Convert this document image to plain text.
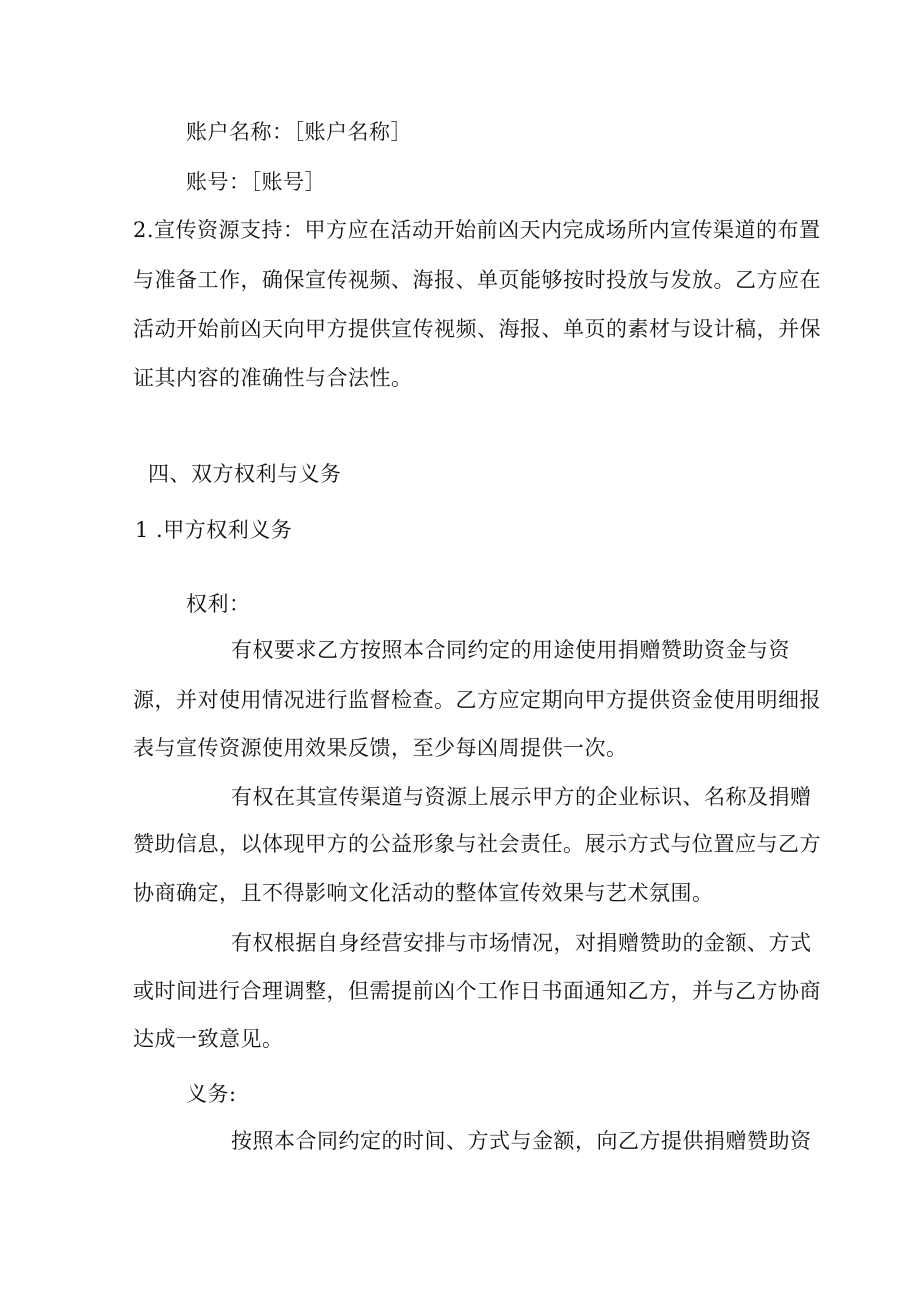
账户名称：［账户名称］
账号：［账号］
2.宣传资源支持：甲方应在活动开始前凶天内完成场所内宣传渠道的布置
与准备工作，确保宣传视频、海报、单页能够按时投放与发放。乙方应在
活动开始前凶天向甲方提供宣传视频、海报、单页的素材与设计稿，并保
证其内容的准确性与合法性。
四、双方权利与义务
1 .甲方权利义务
权利：
有权要求乙方按照本合同约定的用途使用捐赠赞助资金与资
源，并对使用情况进行监督检查。乙方应定期向甲方提供资金使用明细报
表与宣传资源使用效果反馈，至少每凶周提供一次。
有权在其宣传渠道与资源上展示甲方的企业标识、名称及捐赠
赞助信息，以体现甲方的公益形象与社会责任。展示方式与位置应与乙方
协商确定，且不得影响文化活动的整体宣传效果与艺术氛围。
有权根据自身经营安排与市场情况，对捐赠赞助的金额、方式
或时间进行合理调整，但需提前凶个工作日书面通知乙方，并与乙方协商
达成一致意见。
义务:
按照本合同约定的时间、方式与金额，向乙方提供捐赠赞助资
